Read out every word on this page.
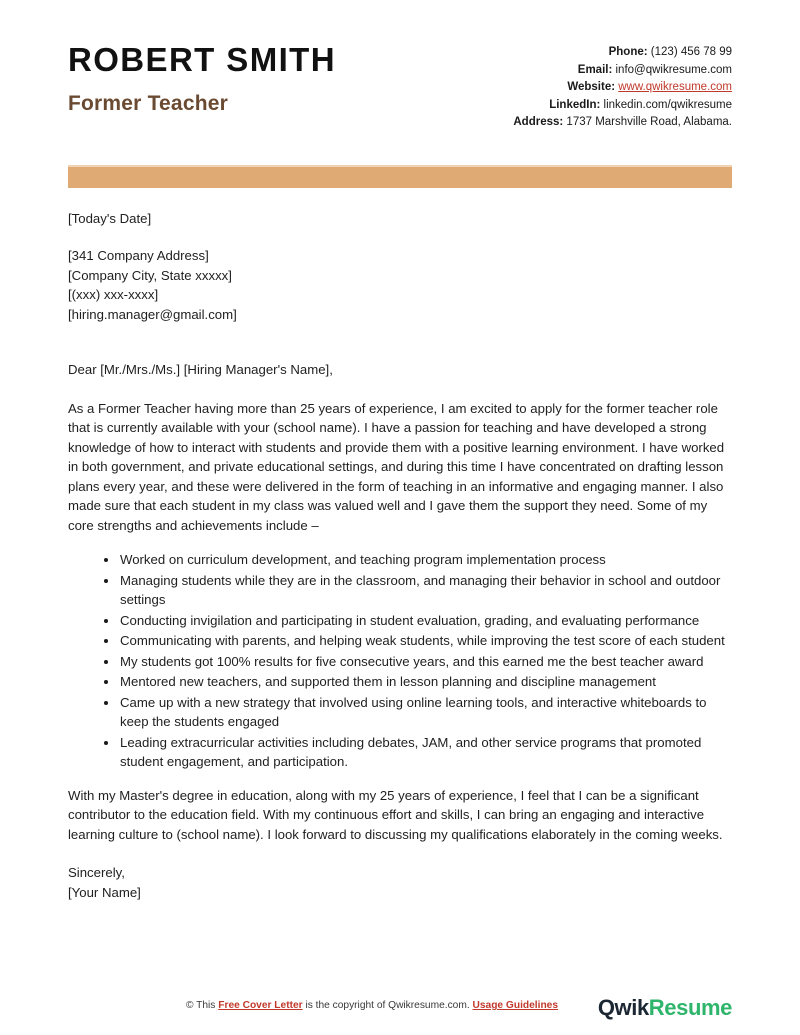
ROBERT SMITH
Former Teacher
Phone: (123) 456 78 99
Email: info@qwikresume.com
Website: www.qwikresume.com
LinkedIn: linkedin.com/qwikresume
Address: 1737 Marshville Road, Alabama.
[Today's Date]
[341 Company Address]
[Company City, State xxxxx]
[(xxx) xxx-xxxx]
[hiring.manager@gmail.com]
Dear [Mr./Mrs./Ms.] [Hiring Manager's Name],

As a Former Teacher having more than 25 years of experience, I am excited to apply for the former teacher role that is currently available with your (school name). I have a passion for teaching and have developed a strong knowledge of how to interact with students and provide them with a positive learning environment. I have worked in both government, and private educational settings, and during this time I have concentrated on drafting lesson plans every year, and these were delivered in the form of teaching in an informative and engaging manner. I also made sure that each student in my class was valued well and I gave them the support they need. Some of my core strengths and achievements include –

Worked on curriculum development, and teaching program implementation process
Managing students while they are in the classroom, and managing their behavior in school and outdoor settings
Conducting invigilation and participating in student evaluation, grading, and evaluating performance
Communicating with parents, and helping weak students, while improving the test score of each student
My students got 100% results for five consecutive years, and this earned me the best teacher award
Mentored new teachers, and supported them in lesson planning and discipline management
Came up with a new strategy that involved using online learning tools, and interactive whiteboards to keep the students engaged
Leading extracurricular activities including debates, JAM, and other service programs that promoted student engagement, and participation.

With my Master's degree in education, along with my 25 years of experience, I feel that I can be a significant contributor to the education field. With my continuous effort and skills, I can bring an engaging and interactive learning culture to (school name). I look forward to discussing my qualifications elaborately in the coming weeks.

Sincerely,
[Your Name]
© This Free Cover Letter is the copyright of Qwikresume.com. Usage Guidelines QwikResume
